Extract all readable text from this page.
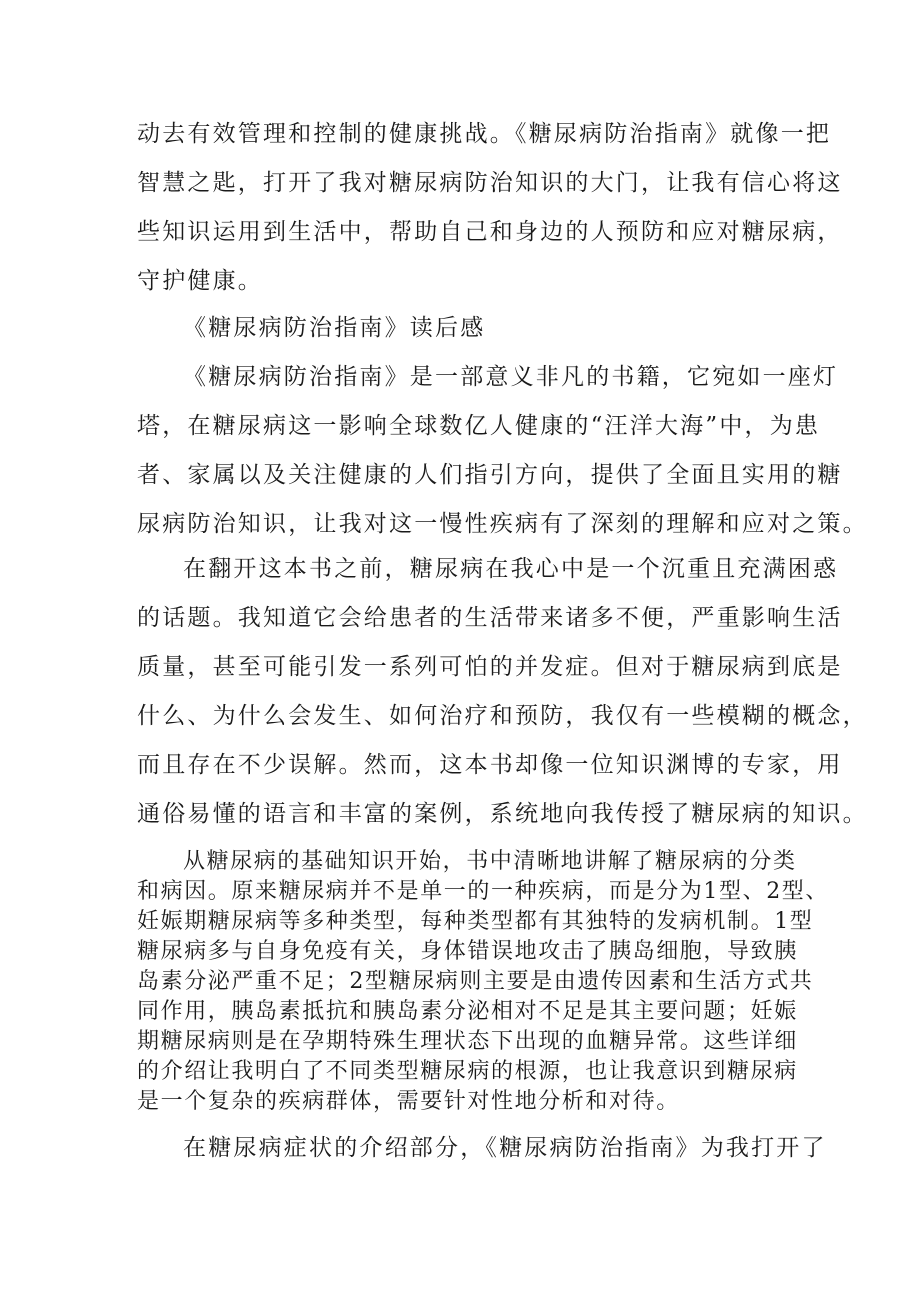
动去有效管理和控制的健康挑战。《糖尿病防治指南》就像一把
智慧之匙，打开了我对糖尿病防治知识的大门，让我有信心将这
些知识运用到生活中，帮助自己和身边的人预防和应对糖尿病，
守护健康。
《糖尿病防治指南》读后感
《糖尿病防治指南》是一部意义非凡的书籍，它宛如一座灯
塔，在糖尿病这一影响全球数亿人健康的“汪洋大海”中，为患
者、家属以及关注健康的人们指引方向，提供了全面且实用的糖
尿病防治知识，让我对这一慢性疾病有了深刻的理解和应对之策。
在翻开这本书之前，糖尿病在我心中是一个沉重且充满困惑
的话题。我知道它会给患者的生活带来诸多不便，严重影响生活
质量，甚至可能引发一系列可怕的并发症。但对于糖尿病到底是
什么、为什么会发生、如何治疗和预防，我仅有一些模糊的概念，
而且存在不少误解。然而，这本书却像一位知识渊博的专家，用
通俗易懂的语言和丰富的案例，系统地向我传授了糖尿病的知识。
从糖尿病的基础知识开始，书中清晰地讲解了糖尿病的分类
和病因。原来糖尿病并不是单一的一种疾病，而是分为1型、2型、
妊娠期糖尿病等多种类型，每种类型都有其独特的发病机制。1型
糖尿病多与自身免疫有关，身体错误地攻击了胰岛细胞，导致胰
岛素分泌严重不足；2型糖尿病则主要是由遗传因素和生活方式共
同作用，胰岛素抵抗和胰岛素分泌相对不足是其主要问题；妊娠
期糖尿病则是在孕期特殊生理状态下出现的血糖异常。这些详细
的介绍让我明白了不同类型糖尿病的根源，也让我意识到糖尿病
是一个复杂的疾病群体，需要针对性地分析和对待。
在糖尿病症状的介绍部分，《糖尿病防治指南》为我打开了
